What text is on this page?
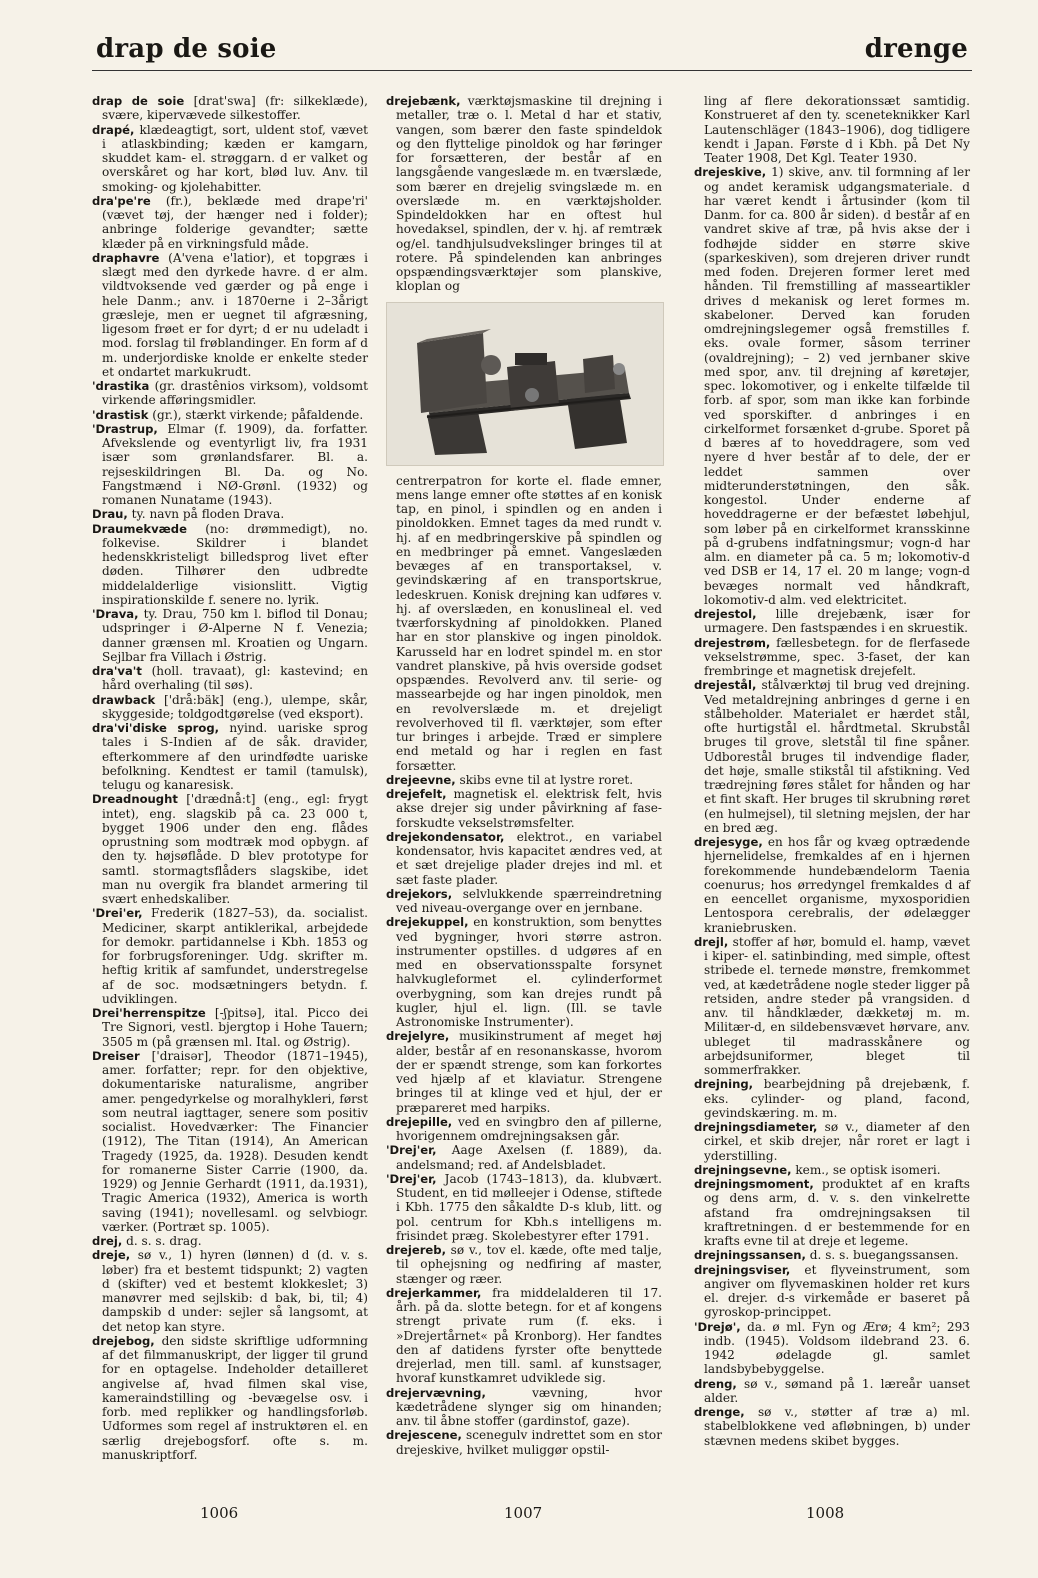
drap de soie	drenge

drap de soie [drat'swa] (fr: silkeklæde), svære, kipervævede silkestoffer.

drapé, klædeagtigt, sort, uldent stof, vævet i atlaskbinding; kæden er kamgarn, skuddet kam- el. strøggarn. d er valket og overskåret og har kort, blød luv. Anv. til smoking- og kjolehabitter.

dra'pe're (fr.), beklæde med drape'ri' (vævet tøj, der hænger ned i folder); anbringe folderige gevandter; sætte klæder på en virkningsfuld måde.

draphavre (A'vena e'latior), et topgræs i slægt med den dyrkede havre. d er alm. vildtvoksende ved gærder og på enge i hele Danm.; anv. i 1870erne i 2–3årigt græsleje, men er uegnet til afgræsning, ligesom frøet er for dyrt; d er nu udeladt i mod. forslag til frøblandinger. En form af d m. underjordiske knolde er enkelte steder et ondartet markukrudt.

'drastika (gr. drastênios virksom), voldsomt virkende afføringsmidler.

'drastisk (gr.), stærkt virkende; påfaldende.

'Drastrup, Elmar (f. 1909), da. forfatter. Afvekslende og eventyrligt liv, fra 1931 især som grønlandsfarer. Bl. a. rejseskildringen Bl. Da. og No. Fangstmænd i NØ-Grønl. (1932) og romanen Nunatame (1943).

Drau, ty. navn på floden Drava.

Draumekvæde (no: drømmedigt), no. folkevise. Skildrer i blandet hedenskkristeligt billedsprog livet efter døden. Tilhører den udbredte middelalderlige visionslitt. Vigtig inspirationskilde f. senere no. lyrik.

'Drava, ty. Drau, 750 km l. biflod til Donau; udspringer i Ø-Alperne N f. Venezia; danner grænsen ml. Kroatien og Ungarn. Sejlbar fra Villach i Østrig.

dra'va't (holl. travaat), gl: kastevind; en hård overhaling (til søs).

drawback ['drå:bäk] (eng.), ulempe, skår, skyggeside; toldgodtgørelse (ved eksport).

dra'vi'diske sprog, nyind. uariske sprog tales i S-Indien af de såk. dravider, efterkommere af den urindfødte uariske befolkning. Kendtest er tamil (tamulsk), telugu og kanaresisk.

Dreadnought ['drædnå:t] (eng., egl: frygt intet), eng. slagskib på ca. 23 000 t, bygget 1906 under den eng. flådes oprustning som modtræk mod opbygn. af den ty. højsøflåde. D blev prototype for samtl. stormagtsflåders slagskibe, idet man nu overgik fra blandet armering til svært enhedskaliber.

'Drei'er, Frederik (1827–53), da. socialist. Mediciner, skarpt antiklerikal, arbejdede for demokr. partidannelse i Kbh. 1853 og for forbrugsforeninger. Udg. skrifter m. heftig kritik af samfundet, understregelse af de soc. modsætningers betydn. f. udviklingen.

Drei'herrenspitze [-ʃpitsə], ital. Picco dei Tre Signori, vestl. bjergtop i Hohe Tauern; 3505 m (på grænsen ml. Ital. og Østrig).

Dreiser ['draisər], Theodor (1871–1945), amer. forfatter; repr. for den objektive, dokumentariske naturalisme, angriber amer. pengedyrkelse og moralhykleri, først som neutral iagttager, senere som positiv socialist. Hovedværker: The Financier (1912), The Titan (1914), An American Tragedy (1925, da. 1928). Desuden kendt for romanerne Sister Carrie (1900, da. 1929) og Jennie Gerhardt (1911, da.1931), Tragic America (1932), America is worth saving (1941); novellesaml. og selvbiogr. værker. (Portræt sp. 1005).

drej, d. s. s. drag.

dreje, sø v., 1) hyren (lønnen) d (d. v. s. løber) fra et bestemt tidspunkt; 2) vagten d (skifter) ved et bestemt klokkeslet; 3) manøvrer med sejlskib: d bak, bi, til; 4) dampskib d under: sejler så langsomt, at det netop kan styre.

drejebog, den sidste skriftlige udformning af det filmmanuskript, der ligger til grund for en optagelse. Indeholder detailleret angivelse af, hvad filmen skal vise, kameraindstilling og -bevægelse osv. i forb. med replikker og handlingsforløb. Udformes som regel af instruktøren el. en særlig drejebogsforf. ofte s. m. manuskriptforf.

drejebænk, værktøjsmaskine til drejning i metaller, træ o. l. Metal d har et stativ, vangen, som bærer den faste spindeldok og den flyttelige pinoldok og har føringer for forsætteren, der består af en langsgående vangeslæde m. en tværslæde, som bærer en drejelig svingslæde m. en overslæde m. en værktøjsholder. Spindeldokken har en oftest hul hovedaksel, spindlen, der v. hj. af remtræk og/el. tandhjulsudvekslinger bringes til at rotere. På spindelenden kan anbringes opspændingsværktøjer som planskive, kloplan og

centrerpatron for korte el. flade emner, mens lange emner ofte støttes af en konisk tap, en pinol, i spindlen og en anden i pinoldokken. Emnet tages da med rundt v. hj. af en medbringerskive på spindlen og en medbringer på emnet. Vangeslæden bevæges af en transportaksel, v. gevindskæring af en transportskrue, ledeskruen. Konisk drejning kan udføres v. hj. af overslæden, en konuslineal el. ved tværforskydning af pinoldokken. Planed har en stor planskive og ingen pinoldok. Karusseld har en lodret spindel m. en stor vandret planskive, på hvis overside godset opspændes. Revolverd anv. til serie- og massearbejde og har ingen pinoldok, men en revolverslæde m. et drejeligt revolverhoved til fl. værktøjer, som efter tur bringes i arbejde. Træd er simplere end metald og har i reglen en fast forsætter.

drejeevne, skibs evne til at lystre roret.

drejefelt, magnetisk el. elektrisk felt, hvis akse drejer sig under påvirkning af fase-forskudte vekselstrømsfelter.

drejekondensator, elektrot., en variabel kondensator, hvis kapacitet ændres ved, at et sæt drejelige plader drejes ind ml. et sæt faste plader.

drejekors, selvlukkende spærreindretning ved niveau-overgange over en jernbane.

drejekuppel, en konstruktion, som benyttes ved bygninger, hvori større astron. instrumenter opstilles. d udgøres af en med en observationsspalte forsynet halvkugleformet el. cylinderformet overbygning, som kan drejes rundt på kugler, hjul el. lign. (Ill. se tavle Astronomiske Instrumenter).

drejelyre, musikinstrument af meget høj alder, består af en resonanskasse, hvorom der er spændt strenge, som kan forkortes ved hjælp af et klaviatur. Strengene bringes til at klinge ved et hjul, der er præpareret med harpiks.

drejepille, ved en svingbro den af pillerne, hvorigennem omdrejningsaksen går.

'Drej'er, Aage Axelsen (f. 1889), da. andelsmand; red. af Andelsbladet.

'Drej'er, Jacob (1743–1813), da. klubvært. Student, en tid mølleejer i Odense, stiftede i Kbh. 1775 den såkaldte D-s klub, litt. og pol. centrum for Kbh.s intelligens m. frisindet præg. Skolebestyrer efter 1791.

drejereb, sø v., tov el. kæde, ofte med talje, til ophejsning og nedfiring af master, stænger og ræer.

drejerkammer, fra middelalderen til 17. årh. på da. slotte betegn. for et af kongens strengt private rum (f. eks. i »Drejertårnet« på Kronborg). Her fandtes den af datidens fyrster ofte benyttede drejerlad, men till. saml. af kunstsager, hvoraf kunstkamret udviklede sig.

drejervævning, vævning, hvor kædetrådene slynger sig om hinanden; anv. til åbne stoffer (gardinstof, gaze).

drejescene, scenegulv indrettet som en stor drejeskive, hvilket muliggør opstil-

ling af flere dekorationssæt samtidig. Konstrueret af den ty. sceneteknikker Karl Lautenschläger (1843–1906), dog tidligere kendt i Japan. Første d i Kbh. på Det Ny Teater 1908, Det Kgl. Teater 1930.

drejeskive, 1) skive, anv. til formning af ler og andet keramisk udgangsmateriale. d har været kendt i årtusinder (kom til Danm. for ca. 800 år siden). d består af en vandret skive af træ, på hvis akse der i fodhøjde sidder en større skive (sparkeskiven), som drejeren driver rundt med foden. Drejeren former leret med hånden. Til fremstilling af masseartikler drives d mekanisk og leret formes m. skabeloner. Derved kan foruden omdrejningslegemer også fremstilles f. eks. ovale former, såsom terriner (ovaldrejning); – 2) ved jernbaner skive med spor, anv. til drejning af køretøjer, spec. lokomotiver, og i enkelte tilfælde til forb. af spor, som man ikke kan forbinde ved sporskifter. d anbringes i en cirkelformet forsænket d-grube. Sporet på d bæres af to hoveddragere, som ved nyere d hver består af to dele, der er leddet sammen over midterunderstøtningen, den såk. kongestol. Under enderne af hoveddragerne er der befæstet løbehjul, som løber på en cirkelformet kransskinne på d-grubens indfatningsmur; vogn-d har alm. en diameter på ca. 5 m; lokomotiv-d ved DSB er 14, 17 el. 20 m lange; vogn-d bevæges normalt ved håndkraft, lokomotiv-d alm. ved elektricitet.

drejestol, lille drejebænk, især for urmagere. Den fastspændes i en skruestik.

drejestrøm, fællesbetegn. for de flerfasede vekselstrømme, spec. 3-faset, der kan frembringe et magnetisk drejefelt.

drejestål, stålværktøj til brug ved drejning. Ved metaldrejning anbringes d gerne i en stålbeholder. Materialet er hærdet stål, ofte hurtigstål el. hårdtmetal. Skrubstål bruges til grove, sletstål til fine spåner. Udborestål bruges til indvendige flader, det høje, smalle stikstål til afstikning. Ved trædrejning føres stålet for hånden og har et fint skaft. Her bruges til skrubning røret (en hulmejsel), til sletning mejslen, der har en bred æg.

drejesyge, en hos får og kvæg optrædende hjernelidelse, fremkaldes af en i hjernen forekommende hundebændelorm Taenia coenurus; hos ørredyngel fremkaldes d af en eencellet organisme, myxosporidien Lentospora cerebralis, der ødelægger kraniebrusken.

drejl, stoffer af hør, bomuld el. hamp, vævet i kiper- el. satinbinding, med simple, oftest stribede el. ternede mønstre, fremkommet ved, at kædetrådene nogle steder ligger på retsiden, andre steder på vrangsiden. d anv. til håndklæder, dækketøj m. m. Militær-d, en sildebensvævet hørvare, anv. ubleget til madrasskånere og arbejdsuniformer, bleget til sommerfrakker.

drejning, bearbejdning på drejebænk, f. eks. cylinder- og pland, facond, gevindskæring. m. m.

drejningsdiameter, sø v., diameter af den cirkel, et skib drejer, når roret er lagt i yderstilling.

drejningsevne, kem., se optisk isomeri.

drejningsmoment, produktet af en krafts og dens arm, d. v. s. den vinkelrette afstand fra omdrejningsaksen til kraftretningen. d er bestemmende for en krafts evne til at dreje et legeme.

drejningssansen, d. s. s. buegangssansen.

drejningsviser, et flyveinstrument, som angiver om flyvemaskinen holder ret kurs el. drejer. d-s virkemåde er baseret på gyroskop-princippet.

'Drejø', da. ø ml. Fyn og Ærø; 4 km²; 293 indb. (1945). Voldsom ildebrand 23. 6. 1942 ødelagde gl. samlet landsbybebyggelse.

dreng, sø v., sømand på 1. læreår uanset alder.

drenge, sø v., støtter af træ a) ml. stabelblokkene ved afløbningen, b) under stævnen medens skibet bygges.

1006	1007	1008
